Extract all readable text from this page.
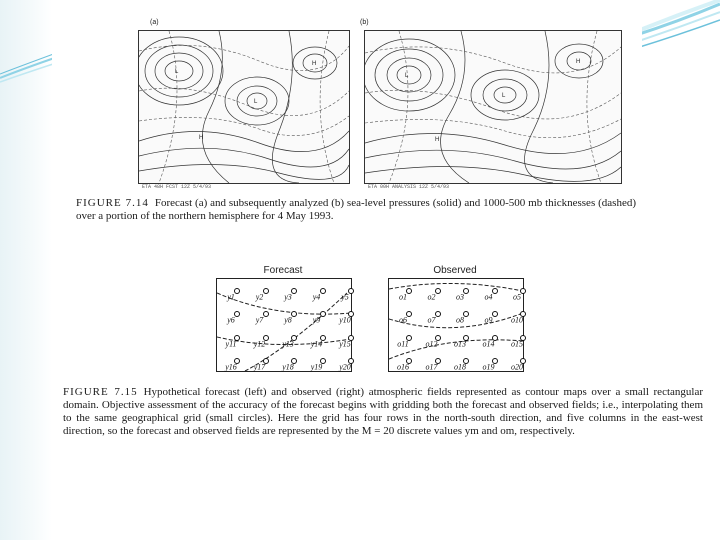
(a)	(b)
L
L
H
H
L
L
H
H
ETA 48H FCST 12Z 5/4/93	ETA 00H ANALYSIS 12Z 5/4/93
FIGURE 7.14 Forecast (a) and subsequently analyzed (b) sea-level pressures (solid) and 1000-500 mb thicknesses (dashed) over a portion of the northern hemisphere for 4 May 1993.
Forecast	Observed
y1	y2	y3	y4	y5
y6	y7	y8	y9 y10
y11 y12 y13 y14 y15
y16 y17 y18 y19 y20
o1	o2	o3	o4	o5
o6	o7	o8	o9 o10
o11 o12 o13 o14 o15
o16 o17 o18 o19 o20
FIGURE 7.15 Hypothetical forecast (left) and observed (right) atmospheric fields represented as contour maps over a small rectangular domain. Objective assessment of the accuracy of the forecast begins with gridding both the forecast and observed fields; i.e., interpolating them to the same geographical grid (small circles). Here the grid has four rows in the north-south direction, and five columns in the east-west direction, so the forecast and observed fields are represented by the M = 20 discrete values ym and om, respectively.
